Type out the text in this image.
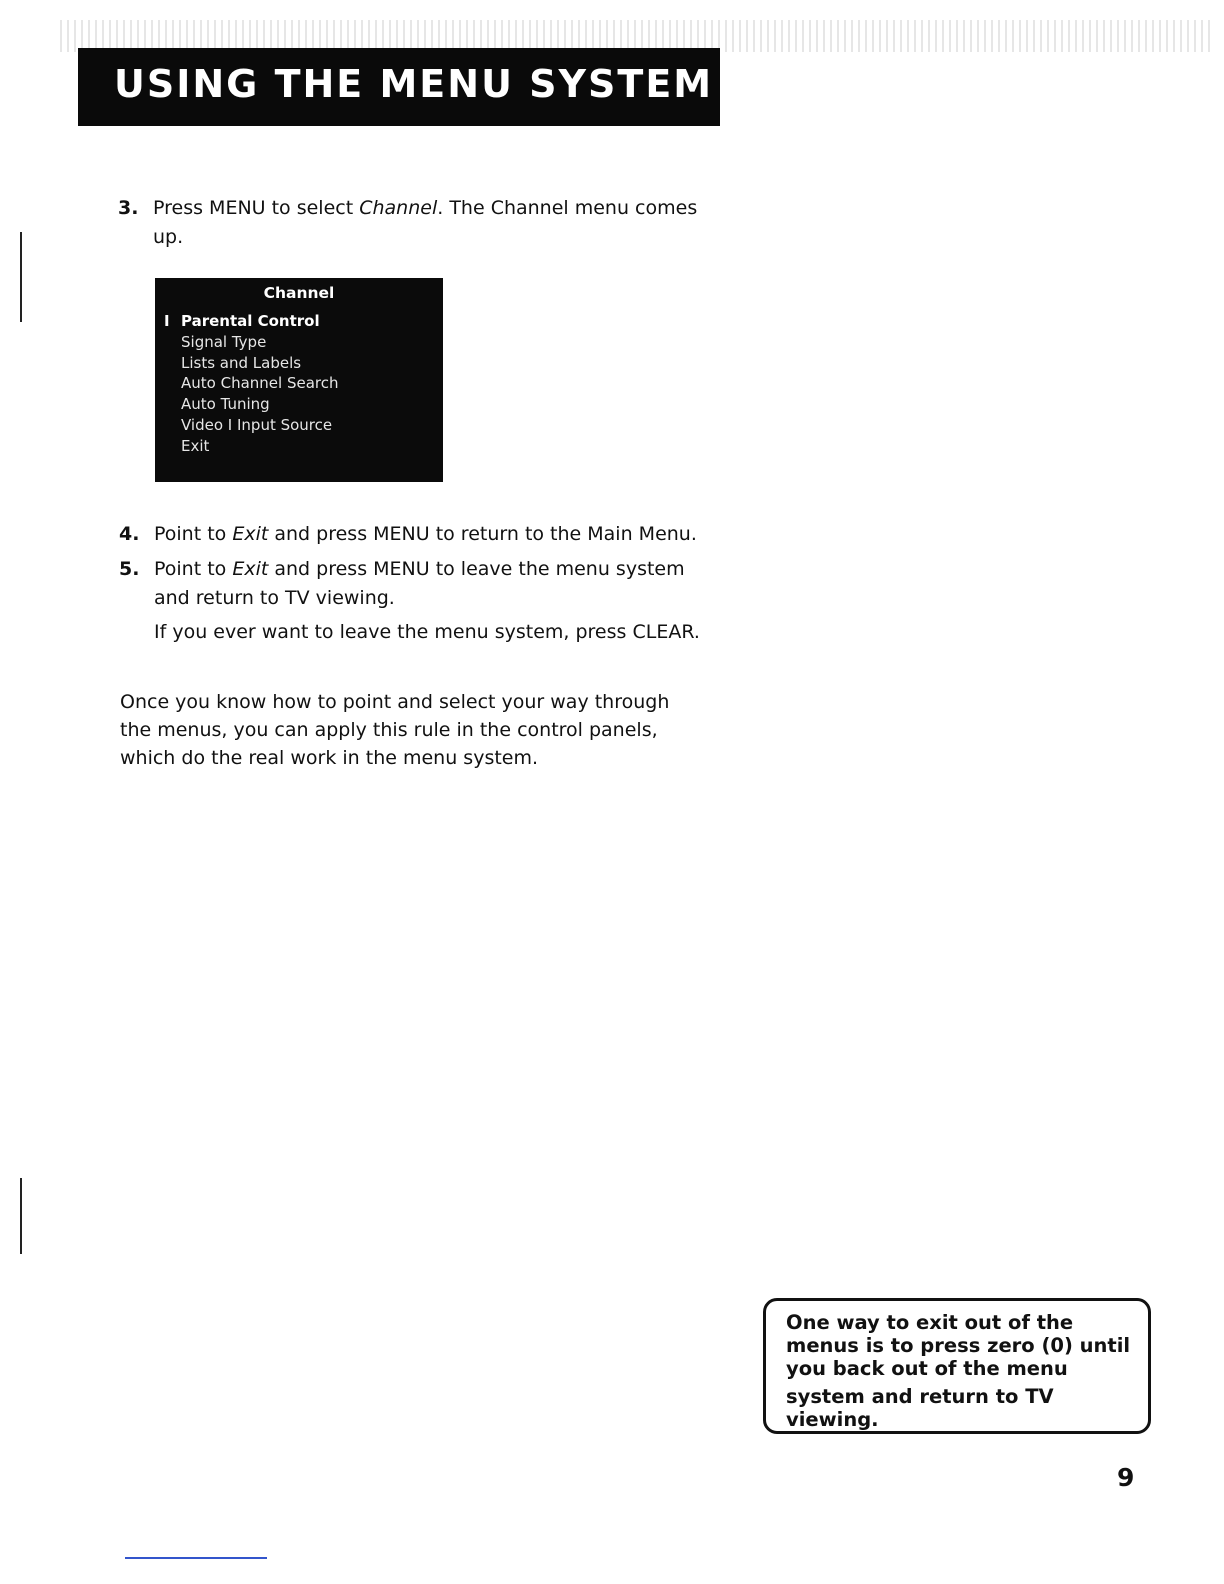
USING THE MENU SYSTEM
3. Press MENU to select Channel. The Channel menu comes
up.
Channel
I Parental Control
Signal Type
Lists and Labels
Auto Channel Search
Auto Tuning
Video I Input Source
Exit
4. Point to Exit and press MENU to return to the Main Menu.
5. Point to Exit and press MENU to leave the menu system
and return to TV viewing.
If you ever want to leave the menu system, press CLEAR.
Once you know how to point and select your way through
the menus, you can apply this rule in the control panels,
which do the real work in the menu system.
One way to exit out of the
menus is to press zero (0) until
you back out of the menu
system and return to TV
viewing.
9
